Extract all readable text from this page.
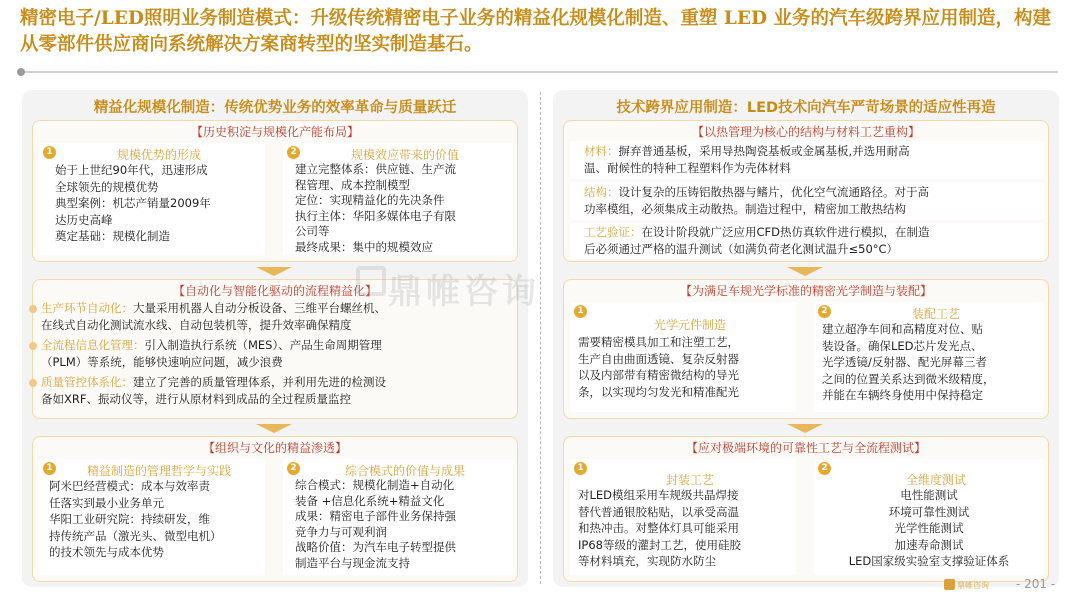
精密电子/LED照明业务制造模式：升级传统精密电子业务的精益化规模化制造、重塑 LED 业务的汽车级跨界应用制造，构建从零部件供应商向系统解决方案商转型的坚实制造基石。
精益化规模化制造：传统优势业务的效率革命与质量跃迁
【历史积淀与规模化产能布局】
1	规模优势的形成
始于上世纪90年代，迅速形成
全球领先的规模优势
典型案例：机芯产销量2009年
达历史高峰
奠定基础：规模化制造
2	规模效应带来的价值
建立完整体系：供应链、生产流
程管理、成本控制模型
定位：实现精益化的先决条件
执行主体：华阳多媒体电子有限
公司等
最终成果：集中的规模效应
【自动化与智能化驱动的流程精益化】
生产环节自动化：大量采用机器人自动分板设备、三维平台螺丝机、
在线式自动化测试流水线、自动包装机等，提升效率确保精度
全流程信息化管理：引入制造执行系统（MES）、产品生命周期管理
（PLM）等系统，能够快速响应问题，减少浪费
质量管控体系化：建立了完善的质量管理体系，并利用先进的检测设
备如XRF、振动仪等，进行从原材料到成品的全过程质量监控
【组织与文化的精益渗透】
1	精益制造的管理哲学与实践
阿米巴经营模式：成本与效率责
任落实到最小业务单元
华阳工业研究院：持续研发，维
持传统产品（激光头、微型电机）
的技术领先与成本优势
2	综合模式的价值与成果
综合模式：规模化制造+自动化
装备 +信息化系统+精益文化
成果：精密电子部件业务保持强
竞争力与可观利润
战略价值：为汽车电子转型提供
制造平台与现金流支持
技术跨界应用制造：LED技术向汽车严苛场景的适应性再造
【以热管理为核心的结构与材料工艺重构】
材料：摒弃普通基板，采用导热陶瓷基板或金属基板,并选用耐高
温、耐候性的特种工程塑料作为壳体材料
结构：设计复杂的压铸铝散热器与鳍片，优化空气流通路径。对于高
功率模组，必须集成主动散热。制造过程中，精密加工散热结构
工艺验证：在设计阶段就广泛应用CFD热仿真软件进行模拟，在制造
后必须通过严格的温升测试（如满负荷老化测试温升≤50°C）
【为满足车规光学标准的精密光学制造与装配】
1
光学元件制造
需要精密模具加工和注塑工艺，
生产自由曲面透镜、复杂反射器
以及内部带有精密微结构的导光
条，以实现均匀发光和精准配光
2	装配工艺
建立超净车间和高精度对位、贴
装设备。确保LED芯片发光点、
光学透镜/反射器、配光屏幕三者
之间的位置关系达到微米级精度，
并能在车辆终身使用中保持稳定
【应对极端环境的可靠性工艺与全流程测试】
1
封装工艺
对LED模组采用车规级共晶焊接
替代普通银胶粘贴，以承受高温
和热冲击。对整体灯具可能采用
IP68等级的灌封工艺，使用硅胶
等材料填充，实现防水防尘
2
全维度测试
电性能测试
环境可靠性测试
光学性能测试
加速寿命测试
LED国家级实验室支撑验证体系
鼎帷咨询
鼎帷咨询 - 201 -
